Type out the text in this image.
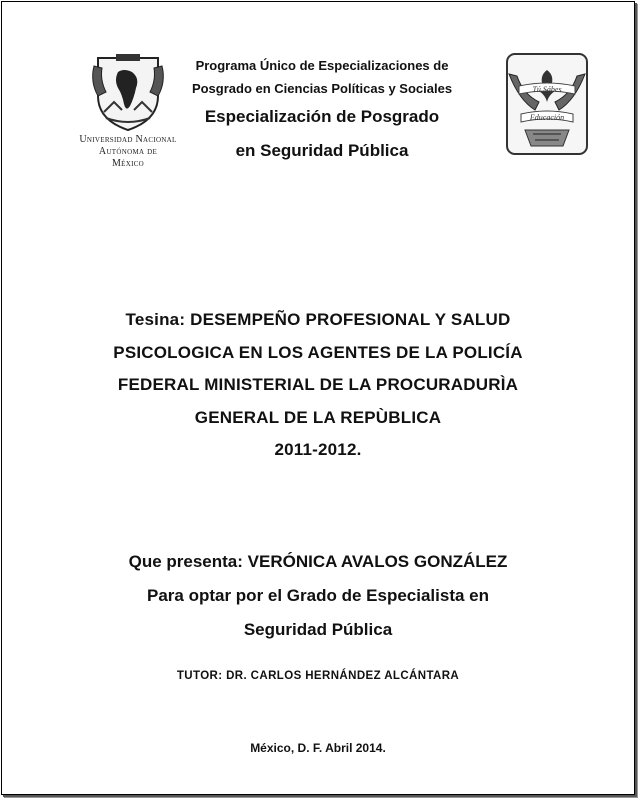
Universidad Nacional
Autónoma de
México
Tú Sábes
Educación
Programa Único de Especializaciones de
Posgrado en Ciencias Políticas y Sociales
Especialización de Posgrado
en Seguridad Pública
Tesina: DESEMPEÑO PROFESIONAL Y SALUD
PSICOLOGICA EN LOS AGENTES DE LA POLICÍA
FEDERAL MINISTERIAL DE LA PROCURADURÌA
GENERAL DE LA REPÙBLICA
2011-2012.
Que presenta: VERÓNICA AVALOS GONZÁLEZ
Para optar por el Grado de Especialista en
Seguridad Pública
TUTOR: DR. CARLOS HERNÁNDEZ ALCÁNTARA
México, D. F. Abril 2014.
